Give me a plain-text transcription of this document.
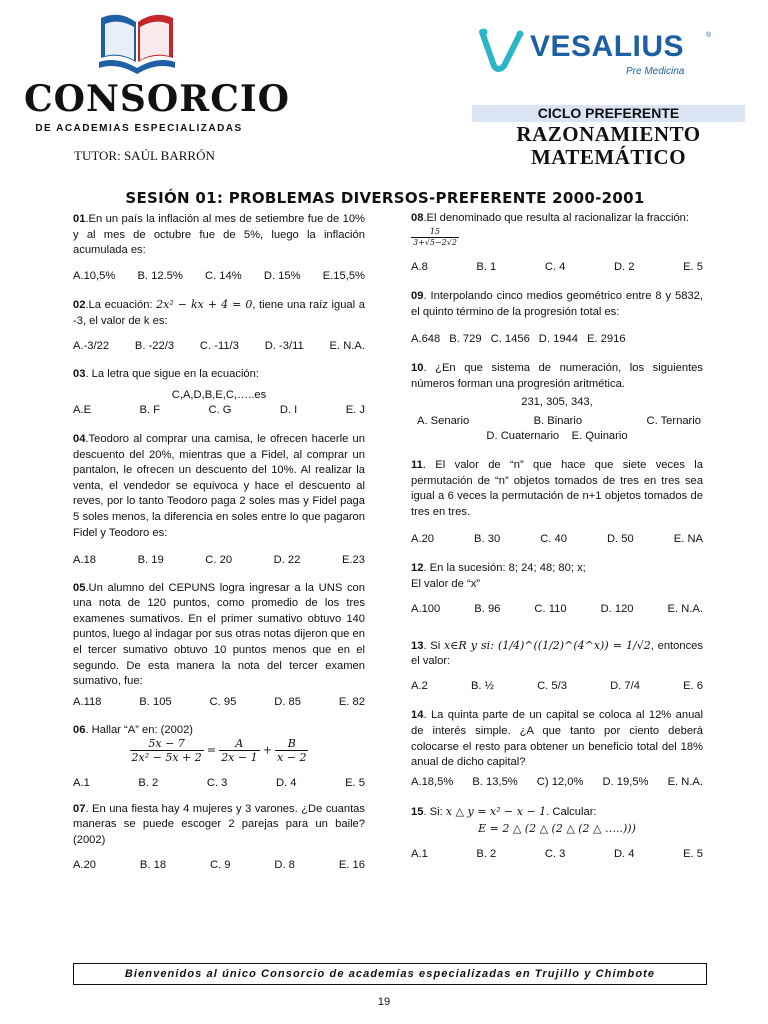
CONSORCIO
DE ACADEMIAS ESPECIALIZADAS
VESALIUS	®
Pre Medicina
CICLO PREFERENTE
RAZONAMIENTO
MATEMÁTICO
TUTOR: SAÚL BARRÓN
SESIÓN 01: PROBLEMAS DIVERSOS-PREFERENTE 2000-2001

01.En un país la inflación al mes de setiembre fue de 10% y al mes de octubre fue de 5%, luego la inflación acumulada es:

A.10,5% B. 12.5% C. 14% D. 15% E.15,5%

02.La ecuación: 2x² − kx + 4 = 0, tiene una raíz igual a -3, el valor de k es:

A.-3/22 B. -22/3 C. -11/3 D. -3/11 E. N.A.

03. La letra que sigue en la ecuación:

C,A,D,B,E,C,…..es
A.E	B. F	C. G	D. I	E. J

04.Teodoro al comprar una camisa, le ofrecen hacerle un descuento del 20%, mientras que a Fidel, al comprar un pantalon, le ofrecen un descuento del 10%. Al realizar la venta, el vendedor se equivoca y hace el descuento al reves, por lo tanto Teodoro paga 2 soles mas y Fidel paga 5 soles menos, la diferencia en soles entre lo que pagaron Fidel y Teodoro es:

A.18	B. 19	C. 20	D. 22	E.23

05.Un alumno del CEPUNS logra ingresar a la UNS con una nota de 120 puntos, como promedio de los tres examenes sumativos. En el primer sumativo obtuvo 140 puntos, luego al indagar por sus otras notas dijeron que en el tercer sumativo obtuvo 10 puntos menos que en el segundo. De esta manera la nota del tercer examen sumativo, fue:

A.118	B. 105	C. 95	D. 85	E. 82

06. Hallar “A” en: (2002)

$\frac{5x - 7}{\text{2x² − 5x + 2}} = \frac{A}{2x - 1} + \frac{B}{x - 2}$
A.1	B. 2	C. 3	D. 4	E. 5

07. En una fiesta hay 4 mujeres y 3 varones. ¿De cuantas maneras se puede escoger 2 parejas para un baile? (2002)

A.20	B. 18	C. 9	D. 8	E. 16

08.El denominado que resulta al racionalizar la fracción:

$\frac{15}{3+√5-2√2}$
A.8	B. 1	C. 4	D. 2	E. 5

09. Interpolando cinco medios geométrico entre 8 y 5832, el quinto término de la progresión total es:

A.648 B. 729 C. 1456 D. 1944 E. 2916

10. ¿En que sistema de numeración, los siguientes números forman una progresión aritmética.

231, 305, 343,
A. Senario	B. Binario	C. Ternario
D. Cuaternario E. Quinario

11. El valor de “n” que hace que siete veces la permutación de “n” objetos tomados de tres en tres sea igual a 6 veces la permutación de n+1 objetos tomados de tres en tres.

A.20	B. 30	C. 40	D. 50	E. NA

12. En la sucesión: 8; 24; 48; 80; x;
El valor de “x”

A.100	B. 96	C. 110	D. 120	E. N.A.

13. Si x∈R y si: (1/4)^((1/2)^(4^x)) = 1/√2, entonces el valor:

A.2	B. ½	C. 5/3	D. 7/4	E. 6

14. La quinta parte de un capital se coloca al 12% anual de interés simple. ¿A que tanto por ciento deberá colocarse el resto para obtener un beneficio total del 18% anual de dicho capital?

A.18,5% B. 13,5% C) 12,0% D. 19,5% E. N.A.

15. Si: x △ y = x² − x − 1. Calcular:

E = 2 △ (2 △ (2 △ (2 △ …..)))
A.1	B. 2	C. 3	D. 4	E. 5
Bienvenidos al único Consorcio de academias especializadas en Trujillo y Chimbote
19
